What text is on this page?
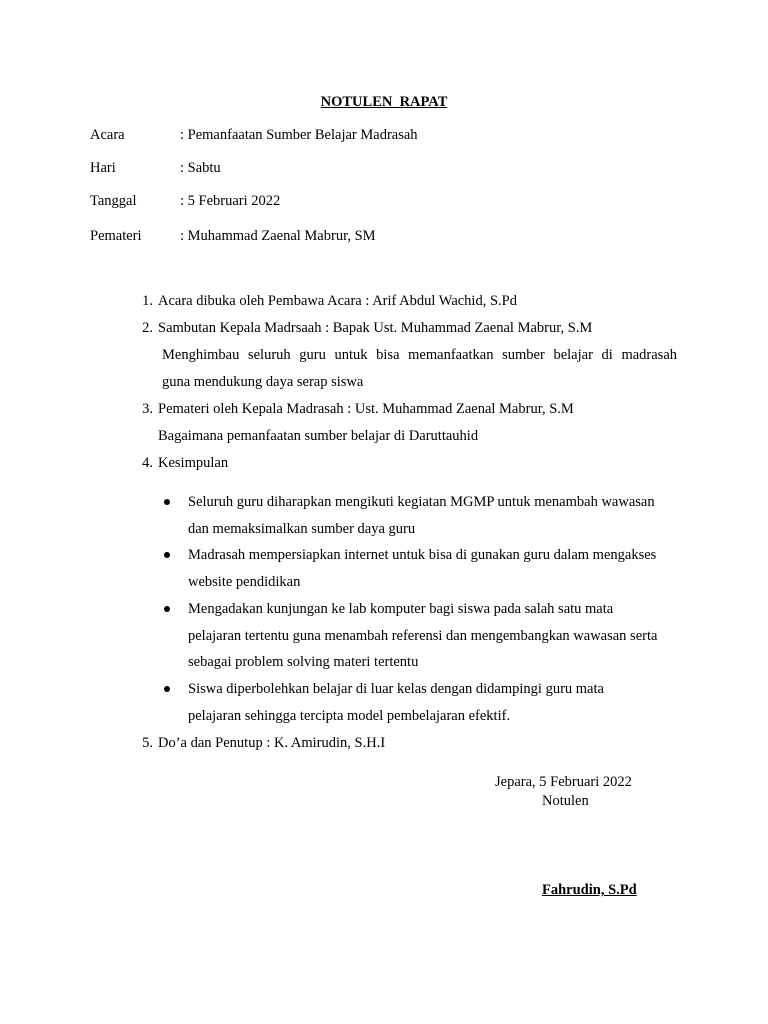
NOTULEN  RAPAT
Acara	: Pemanfaatan Sumber Belajar Madrasah
Hari	: Sabtu
Tanggal	: 5 Februari 2022
Pemateri	: Muhammad Zaenal Mabrur, SM
1. Acara dibuka oleh Pembawa Acara : Arif Abdul Wachid, S.Pd
2. Sambutan Kepala Madrsaah : Bapak Ust. Muhammad Zaenal Mabrur, S.M
Menghimbau seluruh guru untuk bisa memanfaatkan sumber belajar di madrasah
guna mendukung daya serap siswa
3. Pemateri oleh Kepala Madrasah : Ust. Muhammad Zaenal Mabrur, S.M
Bagaimana pemanfaatan sumber belajar di Daruttauhid
4. Kesimpulan
Seluruh guru diharapkan mengikuti kegiatan MGMP untuk menambah wawasan
dan memaksimalkan sumber daya guru
Madrasah mempersiapkan internet untuk bisa di gunakan guru dalam mengakses
website pendidikan
Mengadakan kunjungan ke lab komputer bagi siswa pada salah satu mata
pelajaran tertentu guna menambah referensi dan mengembangkan wawasan serta
sebagai problem solving materi tertentu
Siswa diperbolehkan belajar di luar kelas dengan didampingi guru mata
pelajaran sehingga tercipta model pembelajaran efektif.
5. Do’a dan Penutup : K. Amirudin, S.H.I
Jepara, 5 Februari 2022
Notulen
Fahrudin, S.Pd
